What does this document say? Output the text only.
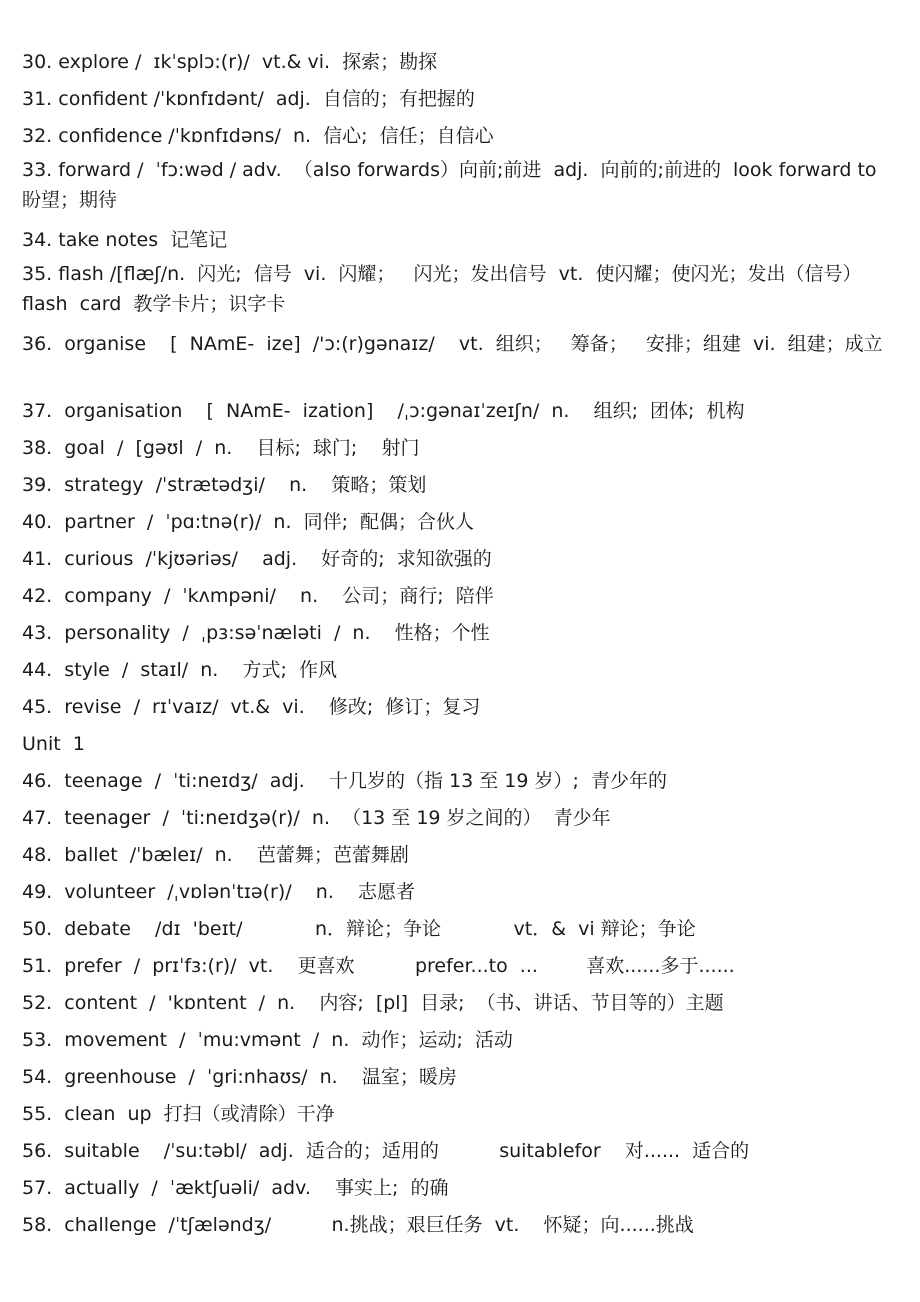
30. explore /  ɪkˈsplɔ:(r)/  vt.& vi.  探索；勘探
31. confident /ˈkɒnfɪdənt/  adj.  自信的；有把握的
32. confidence /ˈkɒnfɪdəns/  n.  信心;  信任；自信心
33. forward /  ˈfɔ:wəd / adv.  （also forwards）向前;前进  adj.  向前的;前进的  look forward to
盼望；期待
34. take notes  记笔记
35. flash /[flæʃ/n.  闪光;  信号  vi.  闪耀；   闪光；发出信号  vt.  使闪耀；使闪光；发出（信号）
flash  card  教学卡片；识字卡
36.  organise    [  NAmE-  ize]  /'ɔ:(r)gənaɪz/    vt.  组织；   筹备；   安排；组建  vi.  组建；成立
37.  organisation    [  NAmE-  ization]    /ˌɔ:gənaɪˈzeɪʃn/  n.    组织;  团体;  机构
38.  goal  /  [gəʊl  /  n.    目标;  球门;    射门
39.  strategy  /ˈstrætədʒi/    n.    策略；策划
40.  partner  /  ˈpɑ:tnə(r)/  n.  同伴;  配偶；合伙人
41.  curious  /ˈkjʊəriəs/    adj.    好奇的;  求知欲强的
42.  company  /  ˈkʌmpəni/    n.    公司；商行;  陪伴
43.  personality  /  ˌpɜ:səˈnæləti  /  n.    性格；个性
44.  style  /  staɪl/  n.    方式;  作风
45.  revise  /  rɪˈvaɪz/  vt.&  vi.    修改;  修订；复习
Unit  1
46.  teenage  /  ˈti:neɪdʒ/  adj.    十几岁的（指 13 至 19 岁）;  青少年的
47.  teenager  /  ˈti:neɪdʒə(r)/  n.  （13 至 19 岁之间的）  青少年
48.  ballet  /ˈbæleɪ/  n.    芭蕾舞；芭蕾舞剧
49.  volunteer  /ˌvɒlənˈtɪə(r)/    n.    志愿者
50.  debate    /dɪ  'beɪt/            n．辩论；争论            vt．&  vi 辩论；争论
51.  prefer  /  prɪˈfɜ:(r)/  vt.    更喜欢          prefer...to  ...        喜欢......多于......
52.  content  /  'kɒntent  /  n.    内容;  [pl]  目录;  （书、讲话、节目等的）主题
53.  movement  /  ˈmu:vmənt  /  n.  动作；运动;  活动
54.  greenhouse  /  ˈgri:nhaʊs/  n.    温室；暖房
55.  clean  up  打扫（或清除）干净
56.  suitable    /ˈsu:təbl/  adj.  适合的；适用的          suitablefor    对......  适合的
57.  actually  /  ˈæktʃuəli/  adv.    事实上;  的确
58.  challenge  /ˈtʃæləndʒ/          n.挑战；艰巨任务  vt.    怀疑；向......挑战
